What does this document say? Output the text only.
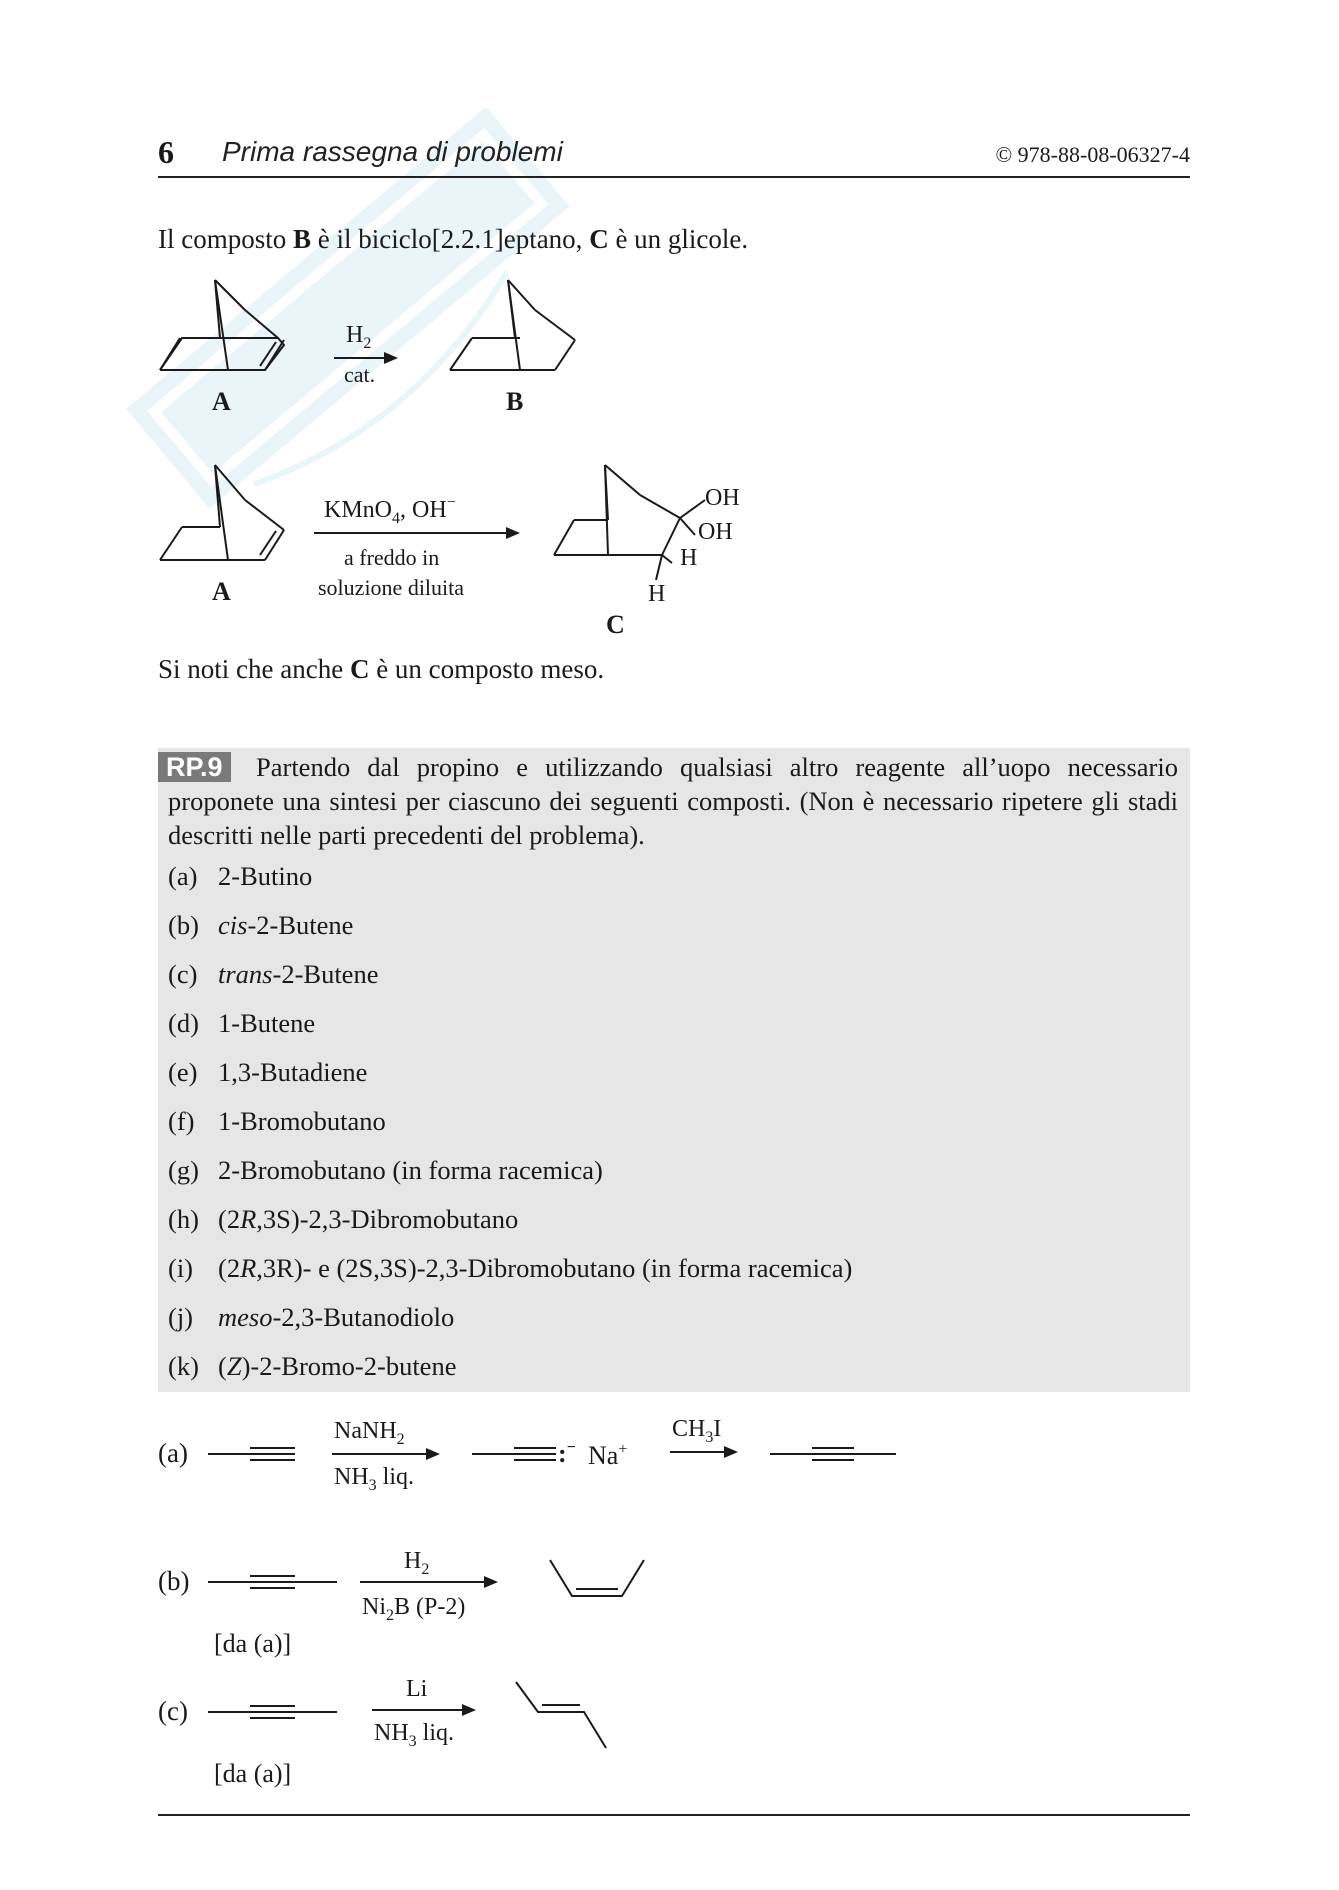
6 Prima rassegna di problemi	© 978-88-08-06327-4
Il composto B è il biciclo[2.2.1]eptano, C è un glicole.
A
$H_2$
cat.
B
A
KMnO$_4$, OH−
a freddo in
soluzione diluita
OH
OH
H
H
C
Si noti che anche C è un composto meso.
Partendo dal propino e utilizzando qualsiasi altro reagente all’uopo necessario proponete una sintesi per ciascuno dei seguenti composti. (Non è necessario ripetere gli stadi descritti nelle parti precedenti del problema).
RP.9
(a) 2-Butino
(b) cis-2-Butene
(c) trans-2-Butene
(d) 1-Butene
(e) 1,3-Butadiene
(f) 1-Bromobutano
(g) 2-Bromobutano (in forma racemica)
(h) (2R,3S)-2,3-Dibromobutano
(i) (2R,3R)- e (2S,3S)-2,3-Dibromobutano (in forma racemica)
(j) meso-2,3-Butanodiolo
(k) (Z)-2-Bromo-2-butene
(a)
NaNH$_2$
$NH_3$ liq.
:− Na+
$CH_3I$
(b)
$H_2$
$Ni_2B$ (P-2)
[da (a)]
(c)
Li
$NH_3$ liq.
[da (a)]
